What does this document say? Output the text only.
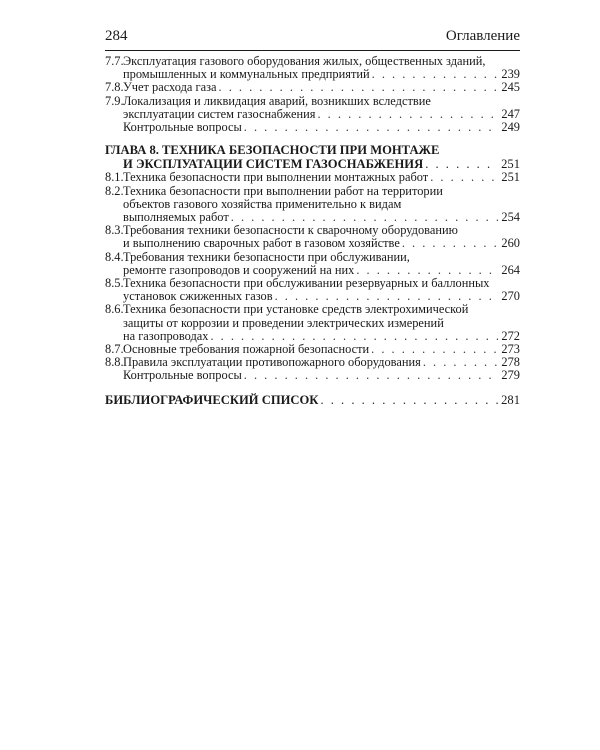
284	Оглавление
7.7.Эксплуатация газового оборудования жилых, общественных зданий,
промышленных и коммунальных предприятий . . .	239
7.8.Учет расхода газа . . .	245
7.9.Локализация и ликвидация аварий, возникших вследствие
эксплуатации систем газоснабжения . . .	247
Контрольные вопросы . . .	249
ГЛАВА 8. ТЕХНИКА БЕЗОПАСНОСТИ ПРИ МОНТАЖЕ
И ЭКСПЛУАТАЦИИ СИСТЕМ ГАЗОСНАБЖЕНИЯ . . .	251
8.1.Техника безопасности при выполнении монтажных работ . . .	251
8.2.Техника безопасности при выполнении работ на территории
объектов газового хозяйства применительно к видам
выполняемых работ . . .	254
8.3.Требования техники безопасности к сварочному оборудованию
и выполнению сварочных работ в газовом хозяйстве . . .	260
8.4.Требования техники безопасности при обслуживании,
ремонте газопроводов и сооружений на них . . .	264
8.5.Техника безопасности при обслуживании резервуарных и баллонных
установок сжиженных газов . . .	270
8.6.Техника безопасности при установке средств электрохимической
защиты от коррозии и проведении электрических измерений
на газопроводах . . .	272
8.7.Основные требования пожарной безопасности . . .	273
8.8.Правила эксплуатации противопожарного оборудования . . .	278
Контрольные вопросы . . .	279
БИБЛИОГРАФИЧЕСКИЙ СПИСОК . . .	281
